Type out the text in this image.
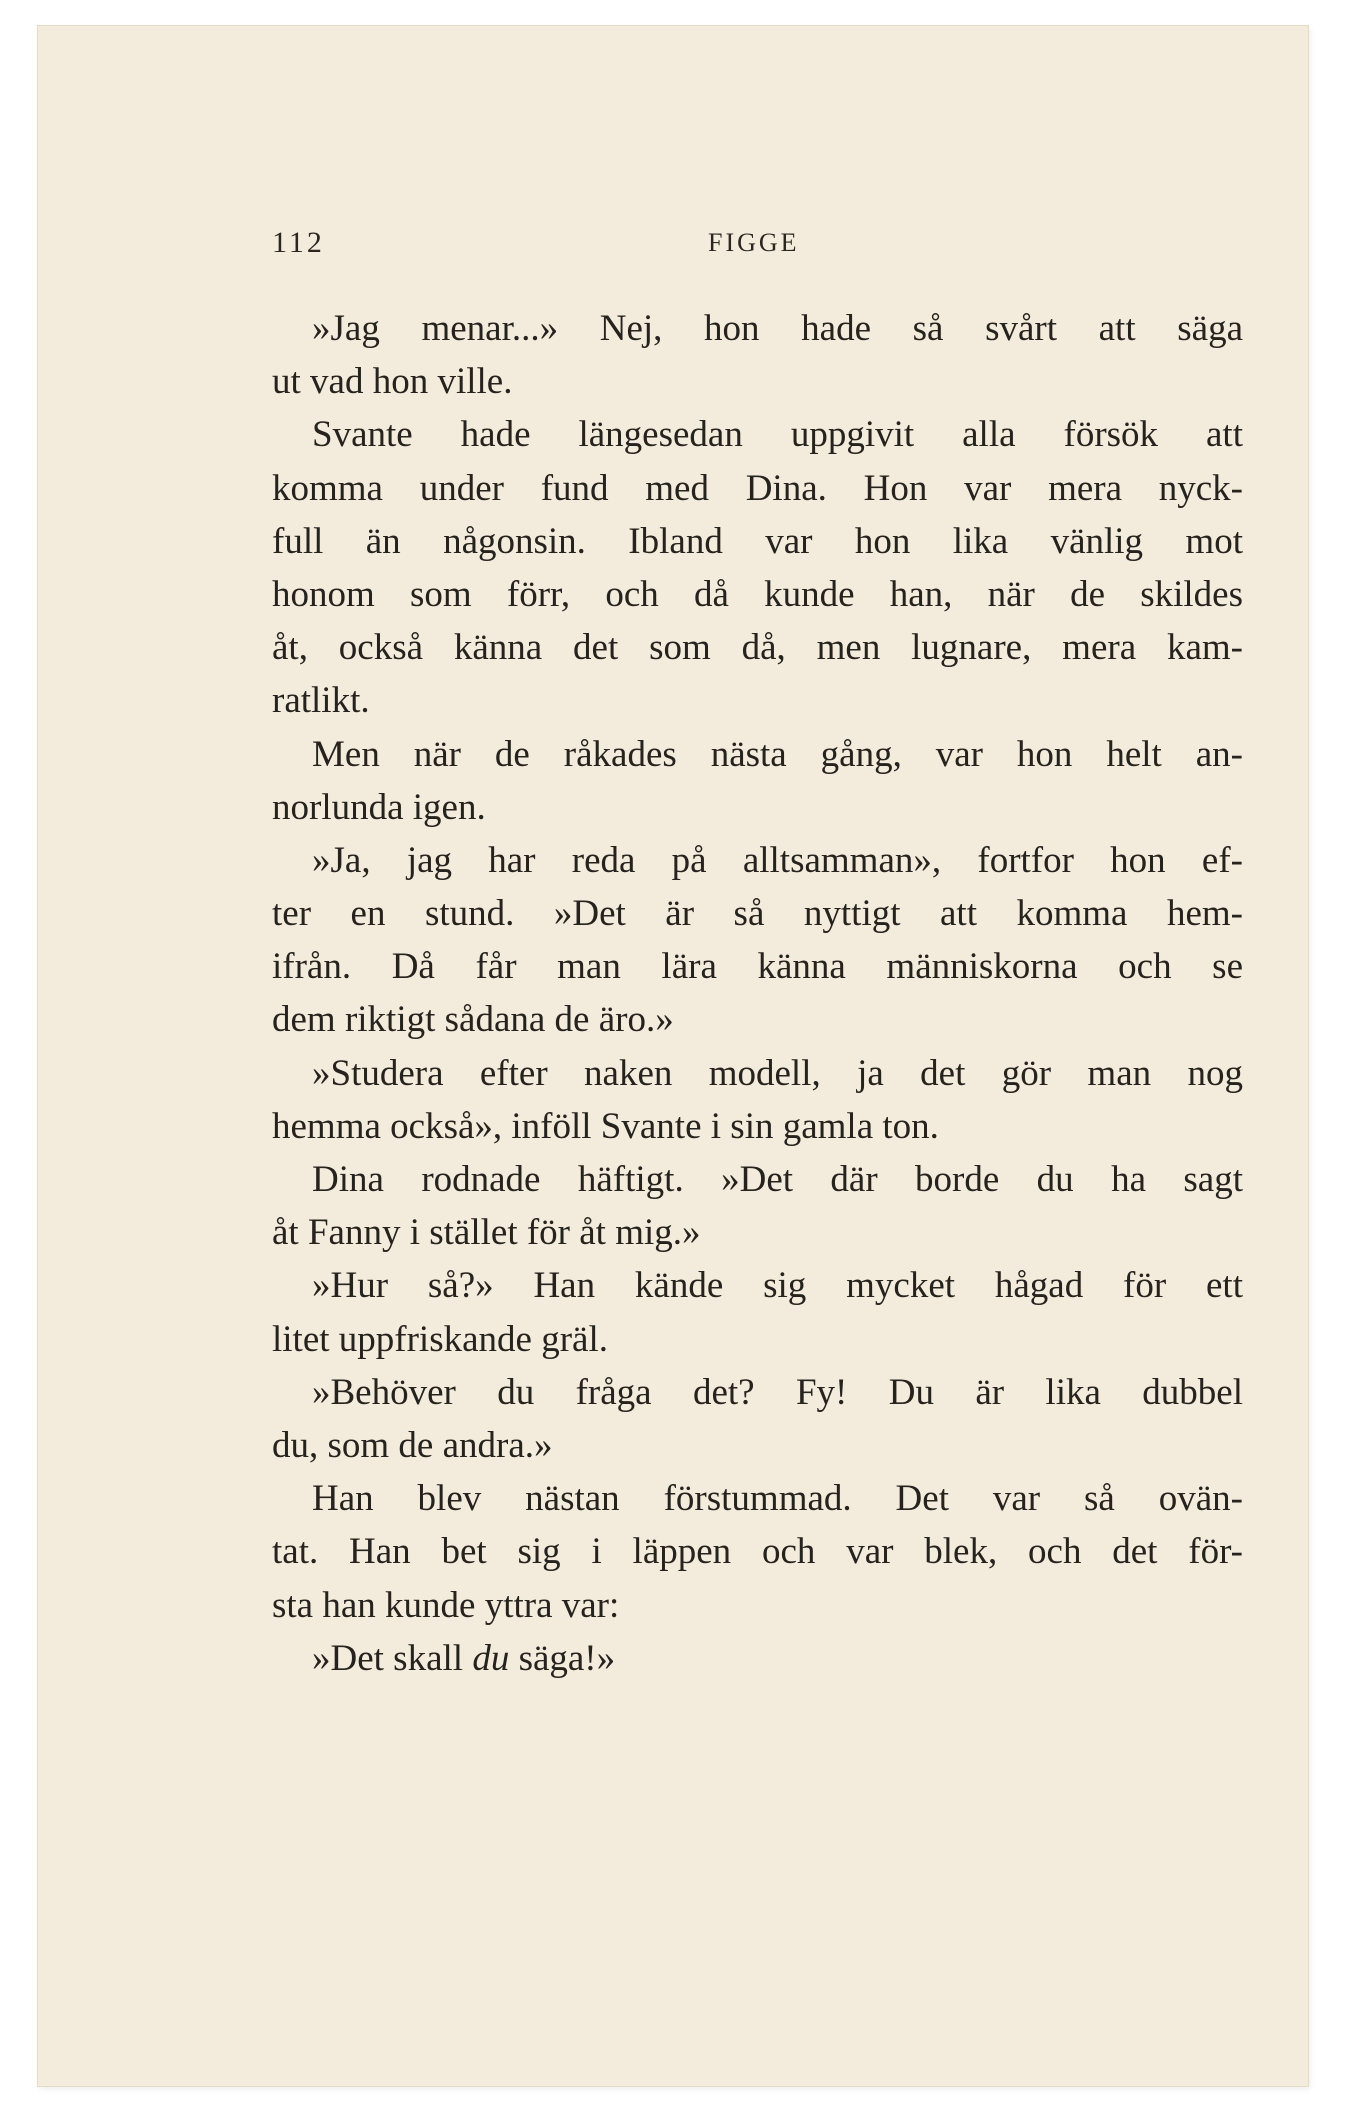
112	FIGGE
»Jag menar...» Nej, hon hade så svårt att säga
ut vad hon ville.
Svante hade längesedan uppgivit alla försök att
komma under fund med Dina. Hon var mera nyck-
full än någonsin. Ibland var hon lika vänlig mot
honom som förr, och då kunde han, när de skildes
åt, också känna det som då, men lugnare, mera kam-
ratlikt.
Men när de råkades nästa gång, var hon helt an-
norlunda igen.
»Ja, jag har reda på alltsamman», fortfor hon ef-
ter en stund. »Det är så nyttigt att komma hem-
ifrån. Då får man lära känna människorna och se
dem riktigt sådana de äro.»
»Studera efter naken modell, ja det gör man nog
hemma också», inföll Svante i sin gamla ton.
Dina rodnade häftigt. »Det där borde du ha sagt
åt Fanny i stället för åt mig.»
»Hur så?» Han kände sig mycket hågad för ett
litet uppfriskande gräl.
»Behöver du fråga det? Fy! Du är lika dubbel
du, som de andra.»
Han blev nästan förstummad. Det var så ovän-
tat. Han bet sig i läppen och var blek, och det för-
sta han kunde yttra var:
»Det skall du säga!»
